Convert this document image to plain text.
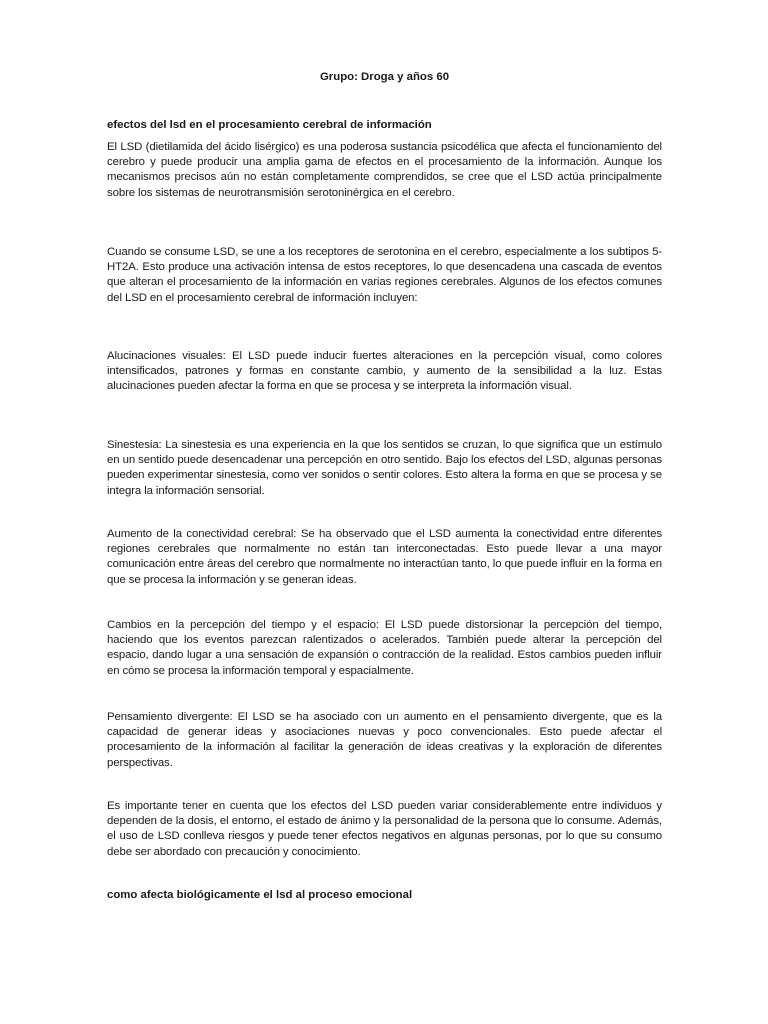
Grupo: Droga y años 60
efectos del lsd en el procesamiento cerebral de información

El LSD (dietilamida del ácido lisérgico) es una poderosa sustancia psicodélica que afecta el funcionamiento del cerebro y puede producir una amplia gama de efectos en el procesamiento de la información. Aunque los mecanismos precisos aún no están completamente comprendidos, se cree que el LSD actúa principalmente sobre los sistemas de neurotransmisión serotoninérgica en el cerebro.

Cuando se consume LSD, se une a los receptores de serotonina en el cerebro, especialmente a los subtipos 5-HT2A. Esto produce una activación intensa de estos receptores, lo que desencadena una cascada de eventos que alteran el procesamiento de la información en varias regiones cerebrales. Algunos de los efectos comunes del LSD en el procesamiento cerebral de información incluyen:

Alucinaciones visuales: El LSD puede inducir fuertes alteraciones en la percepción visual, como colores intensificados, patrones y formas en constante cambio, y aumento de la sensibilidad a la luz. Estas alucinaciones pueden afectar la forma en que se procesa y se interpreta la información visual.

Sinestesia: La sinestesia es una experiencia en la que los sentidos se cruzan, lo que significa que un estímulo en un sentido puede desencadenar una percepción en otro sentido. Bajo los efectos del LSD, algunas personas pueden experimentar sinestesia, como ver sonidos o sentir colores. Esto altera la forma en que se procesa y se integra la información sensorial.

Aumento de la conectividad cerebral: Se ha observado que el LSD aumenta la conectividad entre diferentes regiones cerebrales que normalmente no están tan interconectadas. Esto puede llevar a una mayor comunicación entre áreas del cerebro que normalmente no interactúan tanto, lo que puede influir en la forma en que se procesa la información y se generan ideas.

Cambios en la percepción del tiempo y el espacio: El LSD puede distorsionar la percepción del tiempo, haciendo que los eventos parezcan ralentizados o acelerados. También puede alterar la percepción del espacio, dando lugar a una sensación de expansión o contracción de la realidad. Estos cambios pueden influir en cómo se procesa la información temporal y espacialmente.

Pensamiento divergente: El LSD se ha asociado con un aumento en el pensamiento divergente, que es la capacidad de generar ideas y asociaciones nuevas y poco convencionales. Esto puede afectar el procesamiento de la información al facilitar la generación de ideas creativas y la exploración de diferentes perspectivas.

Es importante tener en cuenta que los efectos del LSD pueden variar considerablemente entre individuos y dependen de la dosis, el entorno, el estado de ánimo y la personalidad de la persona que lo consume. Además, el uso de LSD conlleva riesgos y puede tener efectos negativos en algunas personas, por lo que su consumo debe ser abordado con precaución y conocimiento.

como afecta biológicamente el lsd al proceso emocional
